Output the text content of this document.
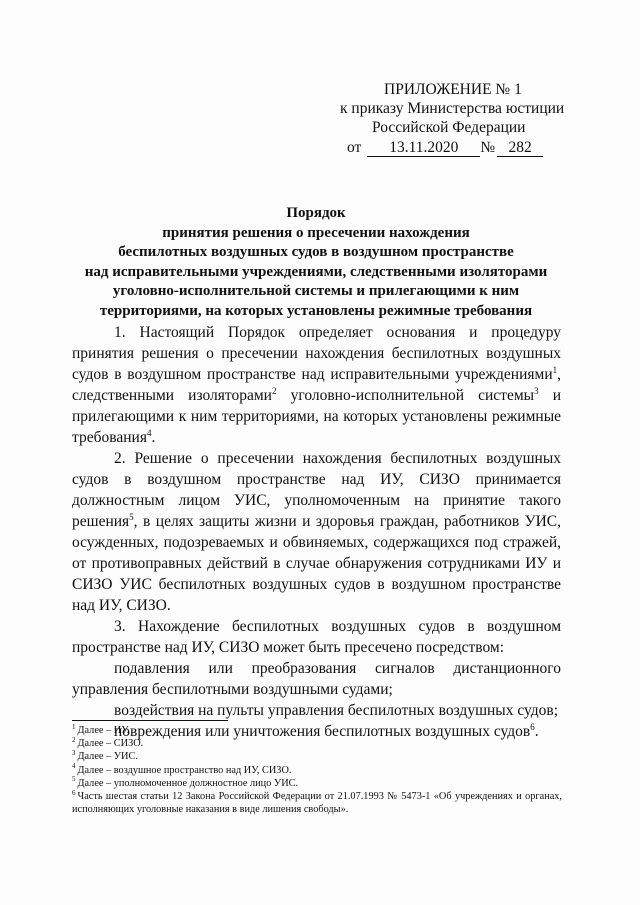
ПРИЛОЖЕНИЕ № 1
к приказу Министерства юстиции
Российской Федерации
от	13.11.2020	№ 282
Порядок
принятия решения о пресечении нахождения
беспилотных воздушных судов в воздушном пространстве
над исправительными учреждениями, следственными изоляторами
уголовно-исполнительной системы и прилегающими к ним
территориями, на которых установлены режимные требования

1. Настоящий Порядок определяет основания и процедуру принятия решения о пресечении нахождения беспилотных воздушных судов в воздушном пространстве над исправительными учреждениями$^1$, следственными изоляторами$^2$ уголовно-исполнительной системы$^3$ и прилегающими к ним территориями, на которых установлены режимные требования$^4$.

2. Решение о пресечении нахождения беспилотных воздушных судов в воздушном пространстве над ИУ, СИЗО принимается должностным лицом УИС, уполномоченным на принятие такого решения$^5$, в целях защиты жизни и здоровья граждан, работников УИС, осужденных, подозреваемых и обвиняемых, содержащихся под стражей, от противоправных действий в случае обнаружения сотрудниками ИУ и СИЗО УИС беспилотных воздушных судов в воздушном пространстве над ИУ, СИЗО.

3. Нахождение беспилотных воздушных судов в воздушном пространстве над ИУ, СИЗО может быть пресечено посредством:

подавления или преобразования сигналов дистанционного управления беспилотными воздушными судами;

воздействия на пульты управления беспилотных воздушных судов;

повреждения или уничтожения беспилотных воздушных судов$^6$.

$^1$ Далее – ИУ.
$^2$ Далее – СИЗО.
$^3$ Далее – УИС.
$^4$ Далее – воздушное пространство над ИУ, СИЗО.
$^5$ Далее – уполномоченное должностное лицо УИС.
$^6$ Часть шестая статьи 12 Закона Российской Федерации от 21.07.1993 № 5473-1 «Об учреждениях и органах, исполняющих уголовные наказания в виде лишения свободы».
